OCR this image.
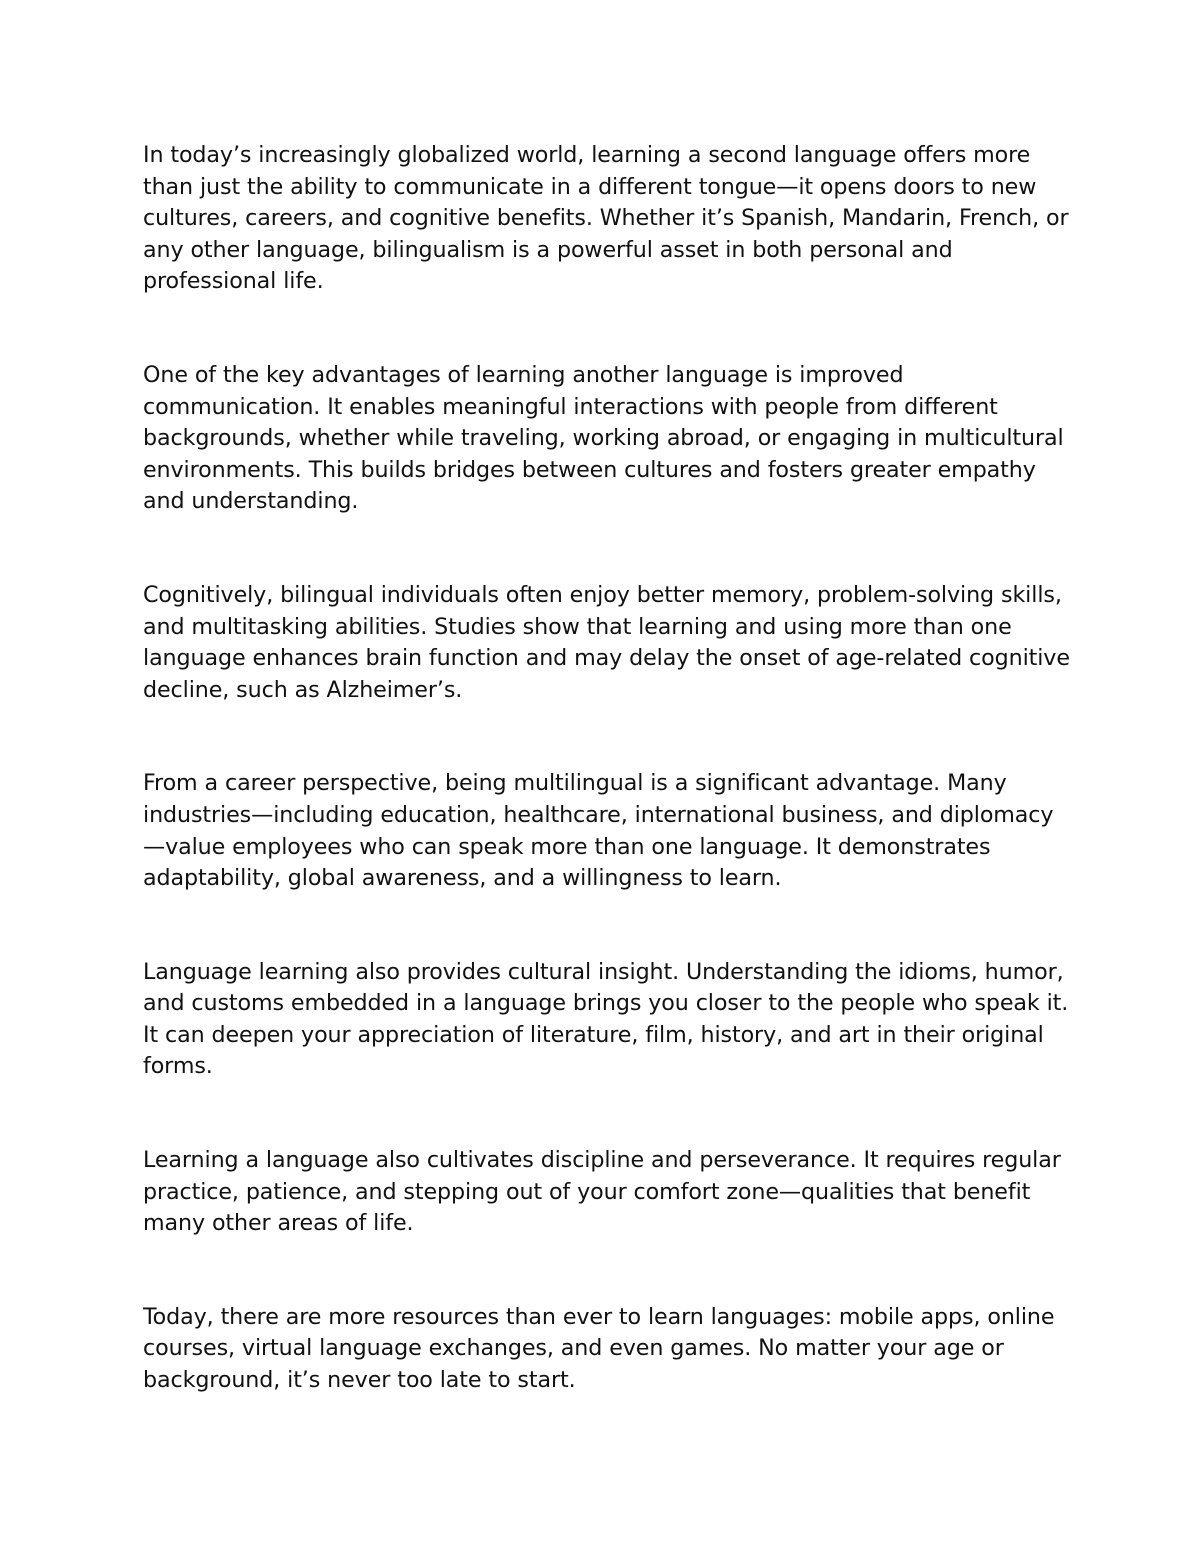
In today’s increasingly globalized world, learning a second language offers more than just the ability to communicate in a different tongue—it opens doors to new cultures, careers, and cognitive benefits. Whether it’s Spanish, Mandarin, French, or any other language, bilingualism is a powerful asset in both personal and professional life.

One of the key advantages of learning another language is improved communication. It enables meaningful interactions with people from different backgrounds, whether while traveling, working abroad, or engaging in multicultural environments. This builds bridges between cultures and fosters greater empathy and understanding.

Cognitively, bilingual individuals often enjoy better memory, problem-solving skills, and multitasking abilities. Studies show that learning and using more than one language enhances brain function and may delay the onset of age-related cognitive decline, such as Alzheimer’s.

From a career perspective, being multilingual is a significant advantage. Many industries—including education, healthcare, international business, and diplomacy—value employees who can speak more than one language. It demonstrates adaptability, global awareness, and a willingness to learn.

Language learning also provides cultural insight. Understanding the idioms, humor, and customs embedded in a language brings you closer to the people who speak it. It can deepen your appreciation of literature, film, history, and art in their original forms.

Learning a language also cultivates discipline and perseverance. It requires regular practice, patience, and stepping out of your comfort zone—qualities that benefit many other areas of life.

Today, there are more resources than ever to learn languages: mobile apps, online courses, virtual language exchanges, and even games. No matter your age or background, it’s never too late to start.
